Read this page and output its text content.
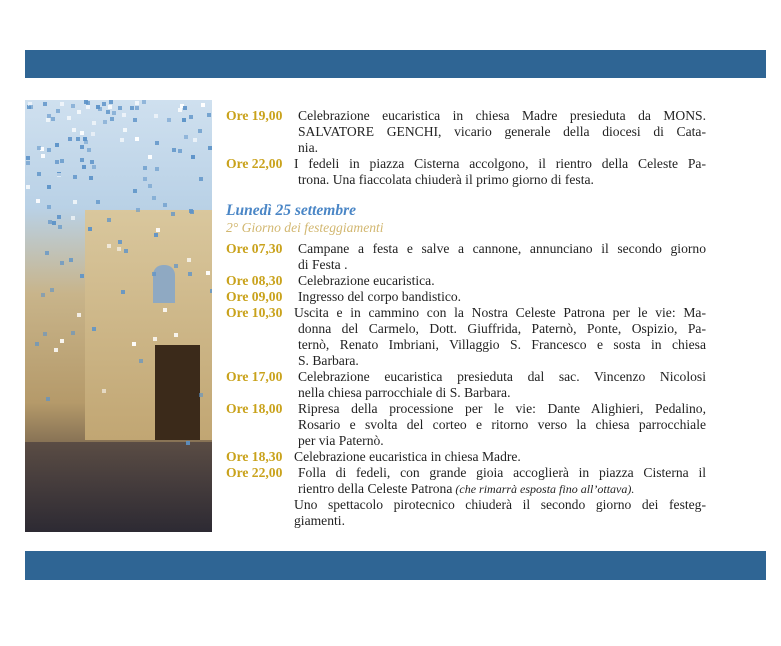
Ore 19,00 Celebrazione eucaristica in chiesa Madre presieduta da MONS.
SALVATORE GENCHI, vicario generale della diocesi di Cata-
nia.
Ore 22,00 I fedeli in piazza Cisterna accolgono, il rientro della Celeste Pa-
trona. Una fiaccolata chiuderà il primo giorno di festa.
Lunedì 25 settembre
2° Giorno dei festeggiamenti
Ore 07,30 Campane a festa e salve a cannone, annunciano il secondo giorno
di Festa .
Ore 08,30 Celebrazione eucaristica.
Ore 09,00 Ingresso del corpo bandistico.
Ore 10,30 Uscita e in cammino con la Nostra Celeste Patrona per le vie: Ma-
donna del Carmelo, Dott. Giuffrida, Paternò, Ponte, Ospizio, Pa-
ternò, Renato Imbriani, Villaggio S. Francesco e sosta in chiesa
S. Barbara.
Ore 17,00 Celebrazione eucaristica presieduta dal sac. Vincenzo Nicolosi
nella chiesa parrocchiale di S. Barbara.
Ore 18,00 Ripresa della processione per le vie: Dante Alighieri, Pedalino,
Rosario e svolta del corteo e ritorno verso la chiesa parrocchiale
per via Paternò.
Ore 18,30 Celebrazione eucaristica in chiesa Madre.
Ore 22,00 Folla di fedeli, con grande gioia accoglierà in piazza Cisterna il
rientro della Celeste Patrona (che rimarrà esposta fino all’ottava).
Uno spettacolo pirotecnico chiuderà il secondo giorno dei festeg-
giamenti.
